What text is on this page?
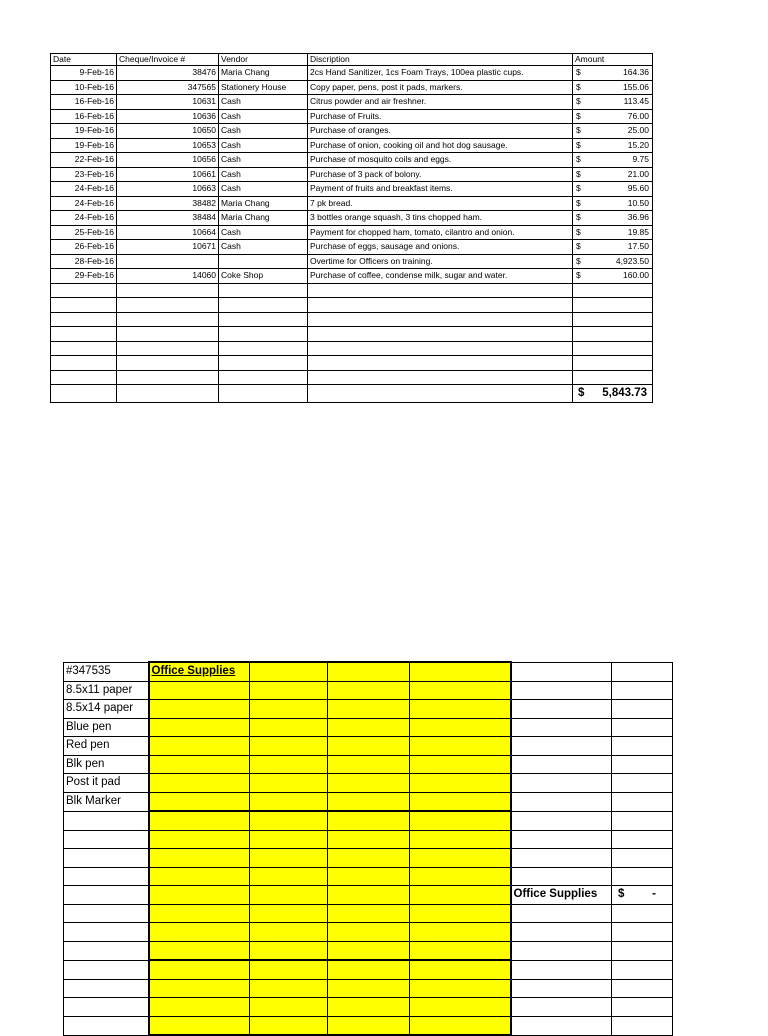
Date	Cheque/Invoice #	Vendor	Discription	Amount
9-Feb-16	38476	Maria Chang	2cs Hand Sanitizer, 1cs Foam Trays, 100ea plastic cups.	$ 164.36

10-Feb-16	347565	Stationery House	Copy paper, pens, post it pads, markers.	$ 155.06

16-Feb-16	10631	Cash	Citrus powder and air freshner.	$ 113.45

16-Feb-16	10636	Cash	Purchase of Fruits.	$ 76.00

19-Feb-16	10650	Cash	Purchase of oranges.	$ 25.00

19-Feb-16	10653	Cash	Purchase of onion, cooking oil and hot dog sausage.	$ 15.20

22-Feb-16	10656	Cash	Purchase of mosquito coils and eggs.	$ 9.75

23-Feb-16	10661	Cash	Purchase of 3 pack of bolony.	$ 21.00

24-Feb-16	10663	Cash	Payment of fruits and breakfast items.	$ 95.60

24-Feb-16	38482	Maria Chang	7 pk bread.	$ 10.50

24-Feb-16	38484	Maria Chang	3 bottles orange squash, 3 tins chopped ham.	$ 36.96

25-Feb-16	10664	Cash	Payment for chopped ham, tomato, cilantro and onion.	$ 19.85

26-Feb-16	10671	Cash	Purchase of eggs, sausage and onions.	$ 17.50

28-Feb-16			Overtime for Officers on training.	$ 4,923.50

29-Feb-16	14060	Coke Shop	Purchase of coffee, condense milk, sugar and water.	$ 160.00

				$ 5,843.73
#347535	Office Supplies					
8.5x11 paper						
8.5x14 paper						
Blue pen						
Red pen						
Blk pen						
Post it pad						
Blk Marker						

					Office Supplies	$ -
